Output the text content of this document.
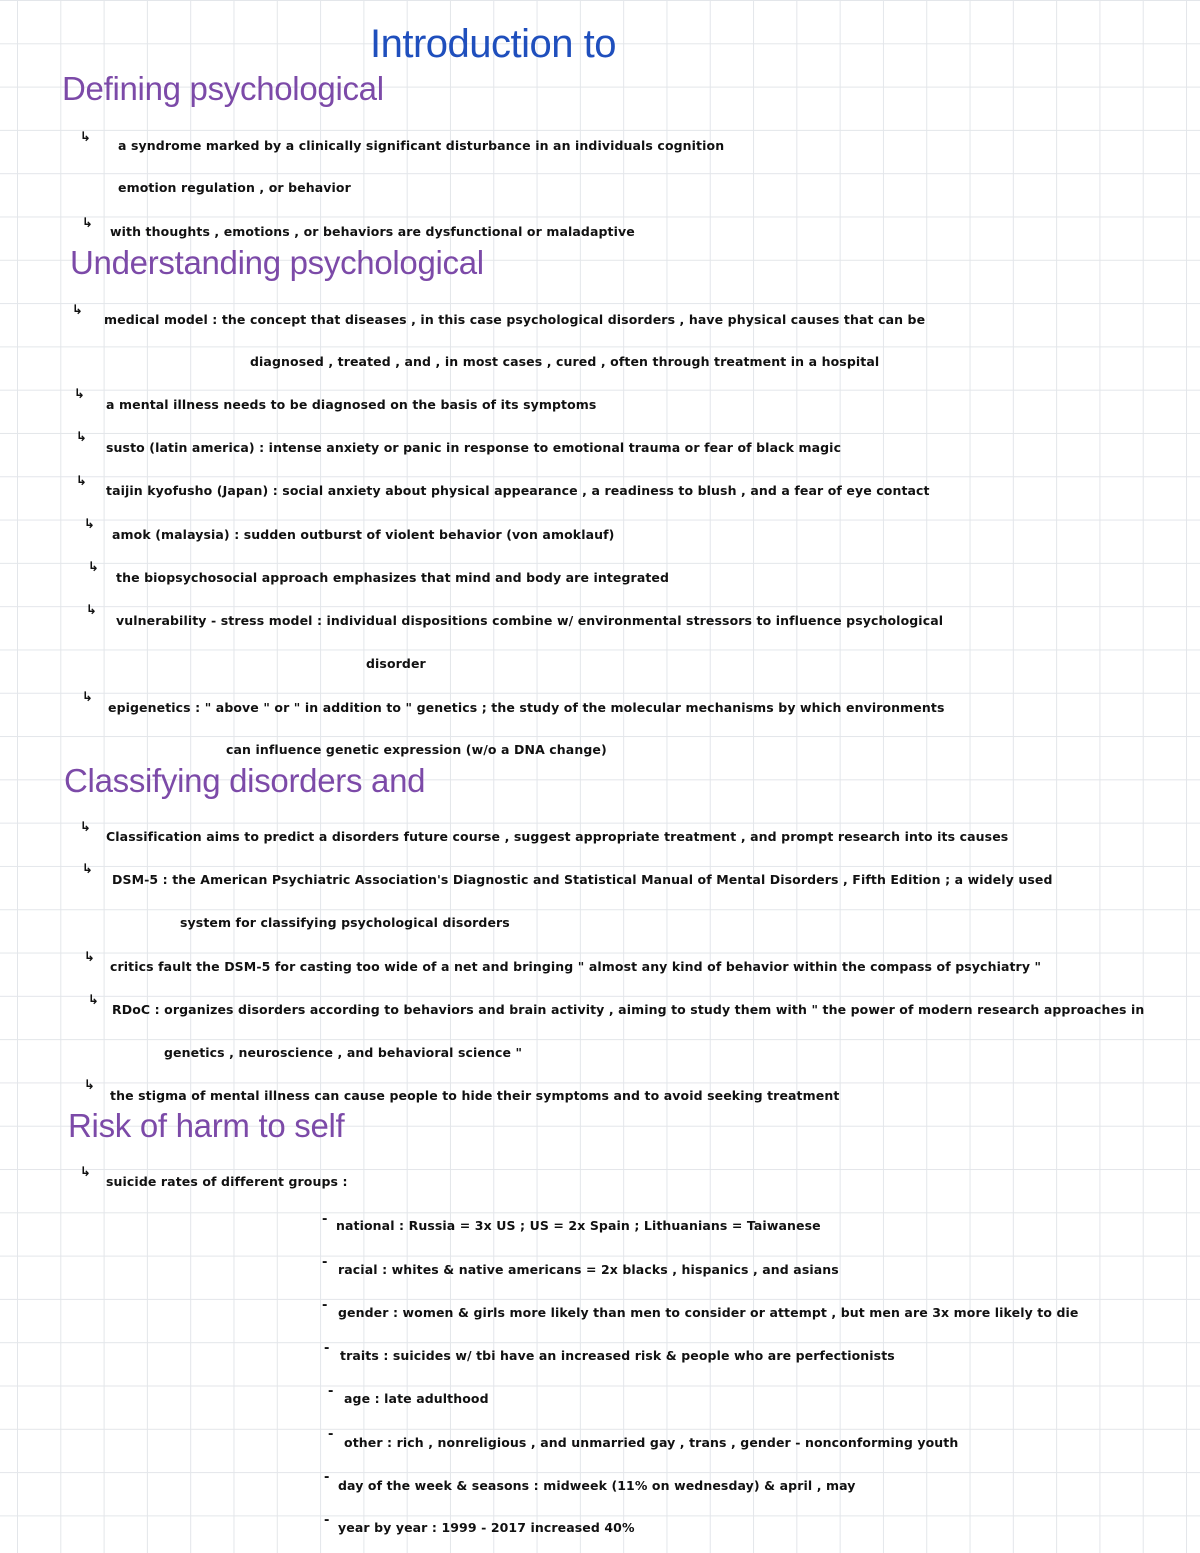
Introduction to
Defining psychological
↳
a syndrome marked by a clinically significant disturbance in an individuals cognition
emotion regulation , or behavior
↳
with thoughts , emotions , or behaviors are dysfunctional or maladaptive
Understanding psychological
↳
medical model : the concept that diseases , in this case psychological disorders , have physical causes that can be
diagnosed , treated , and , in most cases , cured , often through treatment in a hospital
↳
a mental illness needs to be diagnosed on the basis of its symptoms
↳
susto (latin america) : intense anxiety or panic in response to emotional trauma or fear of black magic
↳
taijin kyofusho (Japan) : social anxiety about physical appearance , a readiness to blush , and a fear of eye contact
↳
amok (malaysia) : sudden outburst of violent behavior (von amoklauf)
↳
the biopsychosocial approach emphasizes that mind and body are integrated
↳
vulnerability - stress model : individual dispositions combine w/ environmental stressors to influence psychological
disorder
↳
epigenetics : " above " or " in addition to " genetics ; the study of the molecular mechanisms by which environments
can influence genetic expression (w/o a DNA change)
Classifying disorders and
↳
Classification aims to predict a disorders future course , suggest appropriate treatment , and prompt research into its causes
↳
DSM-5 : the American Psychiatric Association's Diagnostic and Statistical Manual of Mental Disorders , Fifth Edition ; a widely used
system for classifying psychological disorders
↳
critics fault the DSM-5 for casting too wide of a net and bringing " almost any kind of behavior within the compass of psychiatry "
↳
RDoC : organizes disorders according to behaviors and brain activity , aiming to study them with " the power of modern research approaches in
genetics , neuroscience , and behavioral science "
↳
the stigma of mental illness can cause people to hide their symptoms and to avoid seeking treatment
Risk of harm to self
↳
suicide rates of different groups :
- national : Russia = 3x US ; US = 2x Spain ; Lithuanians = Taiwanese
- racial : whites & native americans = 2x blacks , hispanics , and asians
- gender : women & girls more likely than men to consider or attempt , but men are 3x more likely to die
- traits : suicides w/ tbi have an increased risk & people who are perfectionists
- age : late adulthood
-
other : rich , nonreligious , and unmarried gay , trans , gender - nonconforming youth
-
day of the week & seasons : midweek (11% on wednesday) & april , may
- year by year : 1999 - 2017 increased 40%
